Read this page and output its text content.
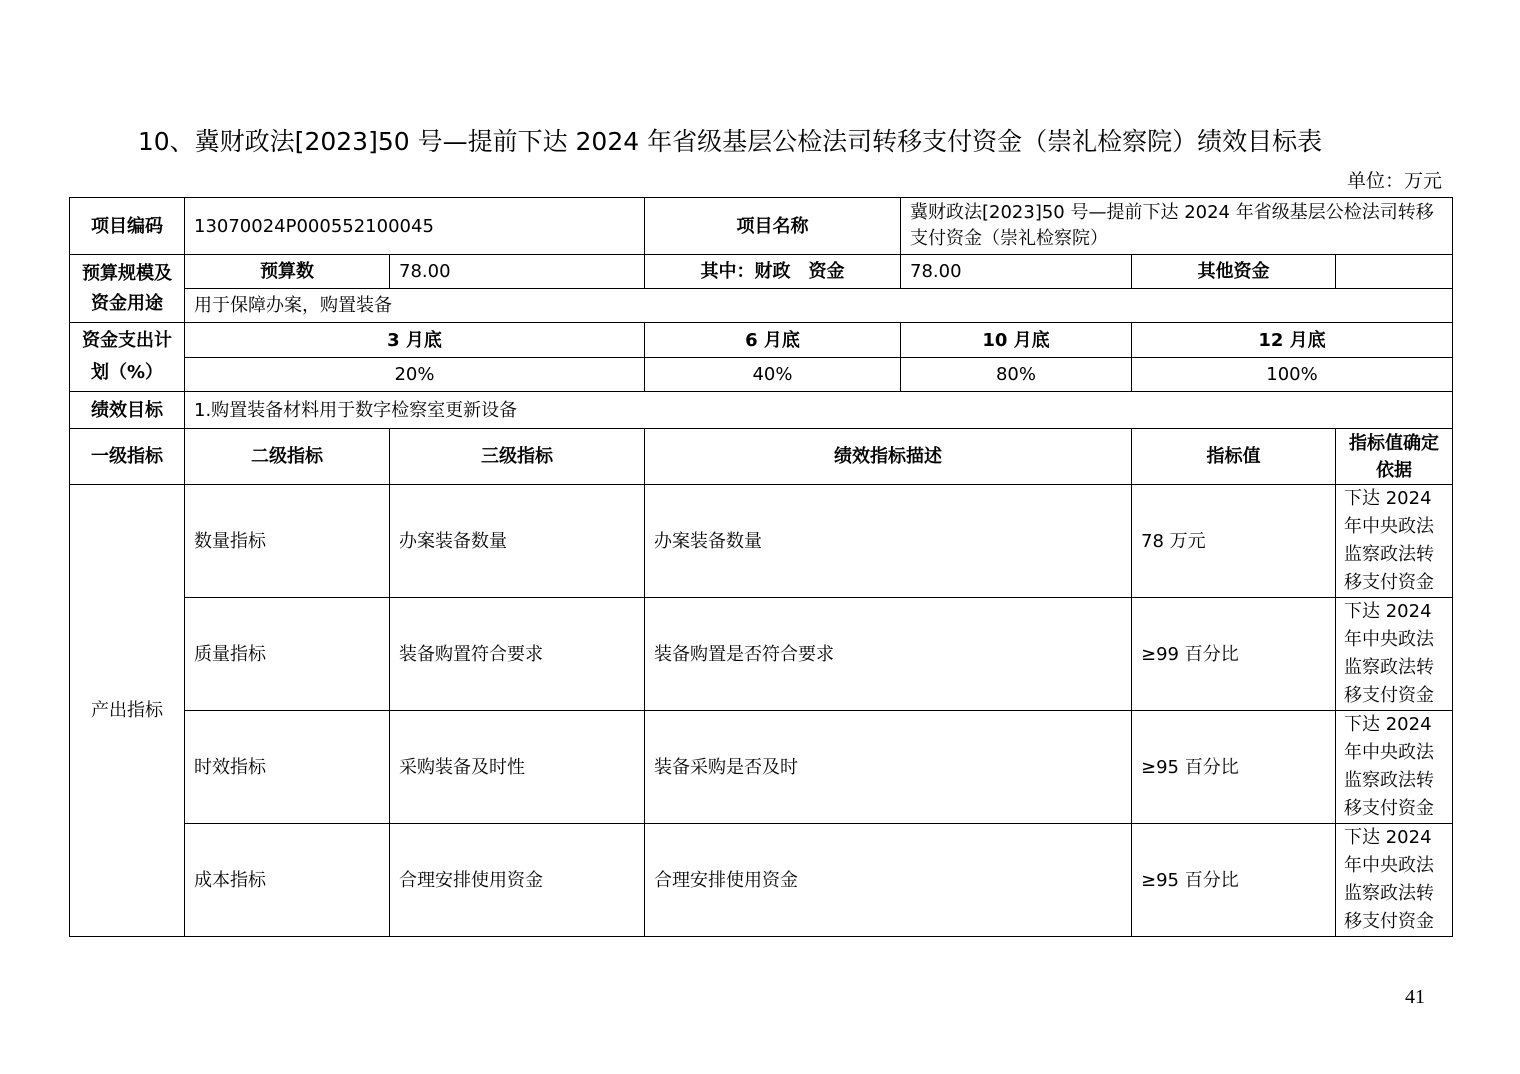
10、冀财政法[2023]50 号—提前下达 2024 年省级基层公检法司转移支付资金（崇礼检察院）绩效目标表
单位：万元
项目编码	13070024P000552100045		项目名称	冀财政法[2023]50 号—提前下达 2024 年省级基层公检法司转移支付资金（崇礼检察院）		
预算规模及资金用途	预算数	78.00	其中：财政　资金	78.00	其他资金	
	用于保障办案，购置装备					
资金支出计划（%）	3 月底		6 月底	10 月底	12 月底	
	20%		40%	80%	100%	
绩效目标	1.购置装备材料用于数字检察室更新设备					
一级指标	二级指标	三级指标	绩效指标描述		指标值	指标值确定依据
产出指标	数量指标	办案装备数量	办案装备数量		78 万元	下达 2024 年中央政法监察政法转移支付资金
	质量指标	装备购置符合要求	装备购置是否符合要求		≥99 百分比	下达 2024 年中央政法监察政法转移支付资金
	时效指标	采购装备及时性	装备采购是否及时		≥95 百分比	下达 2024 年中央政法监察政法转移支付资金
	成本指标	合理安排使用资金	合理安排使用资金		≥95 百分比	下达 2024 年中央政法监察政法转移支付资金
41
